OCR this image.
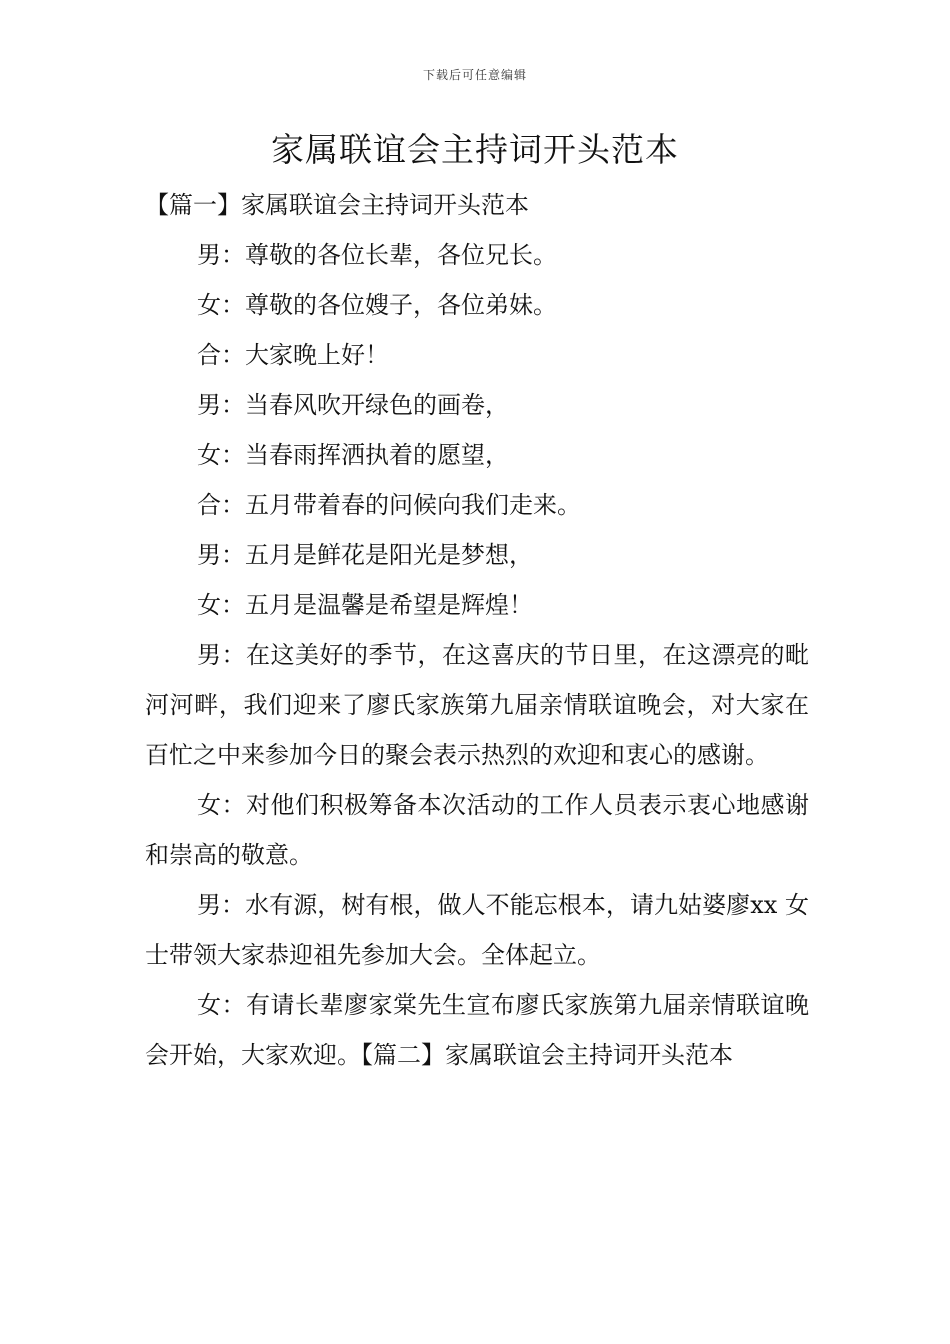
下载后可任意编辑
家属联谊会主持词开头范本

【篇一】家属联谊会主持词开头范本

男：尊敬的各位长辈，各位兄长。

女：尊敬的各位嫂子，各位弟妹。

合：大家晚上好！

男：当春风吹开绿色的画卷，

女：当春雨挥洒执着的愿望，

合：五月带着春的问候向我们走来。

男：五月是鲜花是阳光是梦想，

女：五月是温馨是希望是辉煌！

男：在这美好的季节，在这喜庆的节日里，在这漂亮的毗河河畔，我们迎来了廖氏家族第九届亲情联谊晚会，对大家在百忙之中来参加今日的聚会表示热烈的欢迎和衷心的感谢。

女：对他们积极筹备本次活动的工作人员表示衷心地感谢和崇高的敬意。

男：水有源，树有根，做人不能忘根本，请九姑婆廖xx 女士带领大家恭迎祖先参加大会。全体起立。

女：有请长辈廖家棠先生宣布廖氏家族第九届亲情联谊晚会开始，大家欢迎。【篇二】家属联谊会主持词开头范本
